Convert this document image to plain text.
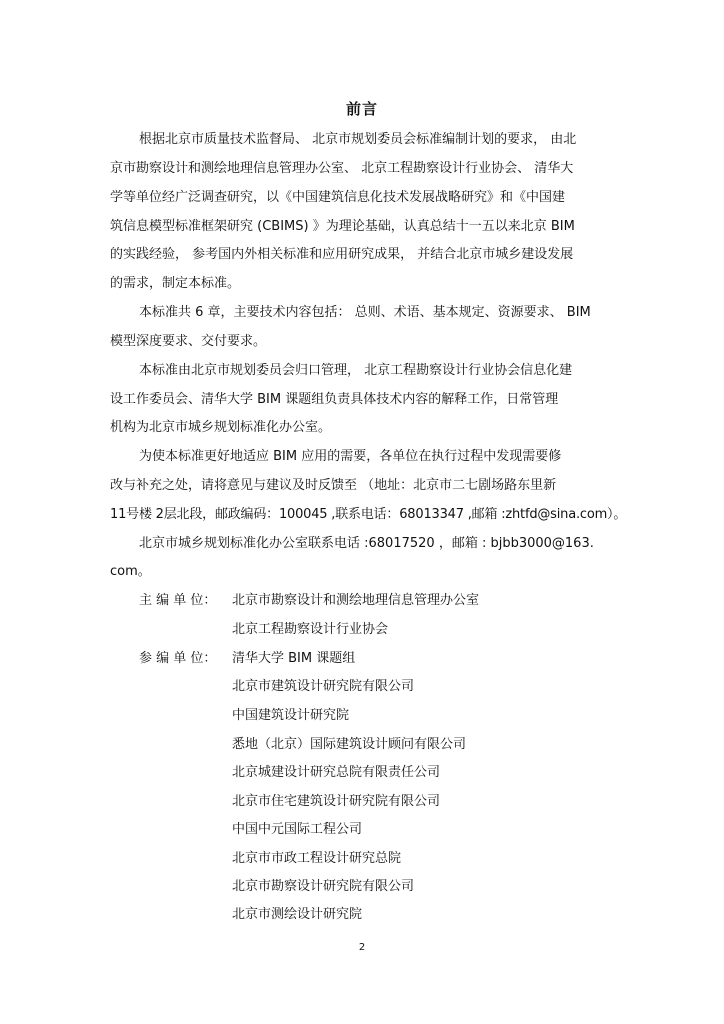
前言
根据北京市质量技术监督局、 北京市规划委员会标准编制计划的要求， 由北
京市勘察设计和测绘地理信息管理办公室、 北京工程勘察设计行业协会、 清华大
学等单位经广泛调查研究，以《中国建筑信息化技术发展战略研究》和《中国建
筑信息模型标准框架研究 (CBIMS) 》为理论基础，认真总结十一五以来北京 BIM
的实践经验， 参考国内外相关标准和应用研究成果， 并结合北京市城乡建设发展
的需求，制定本标准。
本标准共 6 章，主要技术内容包括： 总则、术语、基本规定、资源要求、 BIM
模型深度要求、交付要求。
本标准由北京市规划委员会归口管理， 北京工程勘察设计行业协会信息化建
设工作委员会、清华大学 BIM 课题组负责具体技术内容的解释工作，日常管理
机构为北京市城乡规划标准化办公室。
为使本标准更好地适应 BIM 应用的需要，各单位在执行过程中发现需要修
改与补充之处，请将意见与建议及时反馈至 （地址：北京市二七剧场路东里新
11号楼 2层北段，邮政编码：100045 ,联系电话：68013347 ,邮箱 :zhtfd@sina.com）。
北京市城乡规划标准化办公室联系电话 :68017520 ，邮箱 : bjbb3000@163.
com。
主 编 单 位： 北京市勘察设计和测绘地理信息管理办公室
北京工程勘察设计行业协会
参 编 单 位： 清华大学 BIM 课题组
北京市建筑设计研究院有限公司
中国建筑设计研究院
悉地（北京）国际建筑设计顾问有限公司
北京城建设计研究总院有限责任公司
北京市住宅建筑设计研究院有限公司
中国中元国际工程公司
北京市市政工程设计研究总院
北京市勘察设计研究院有限公司
北京市测绘设计研究院
2
